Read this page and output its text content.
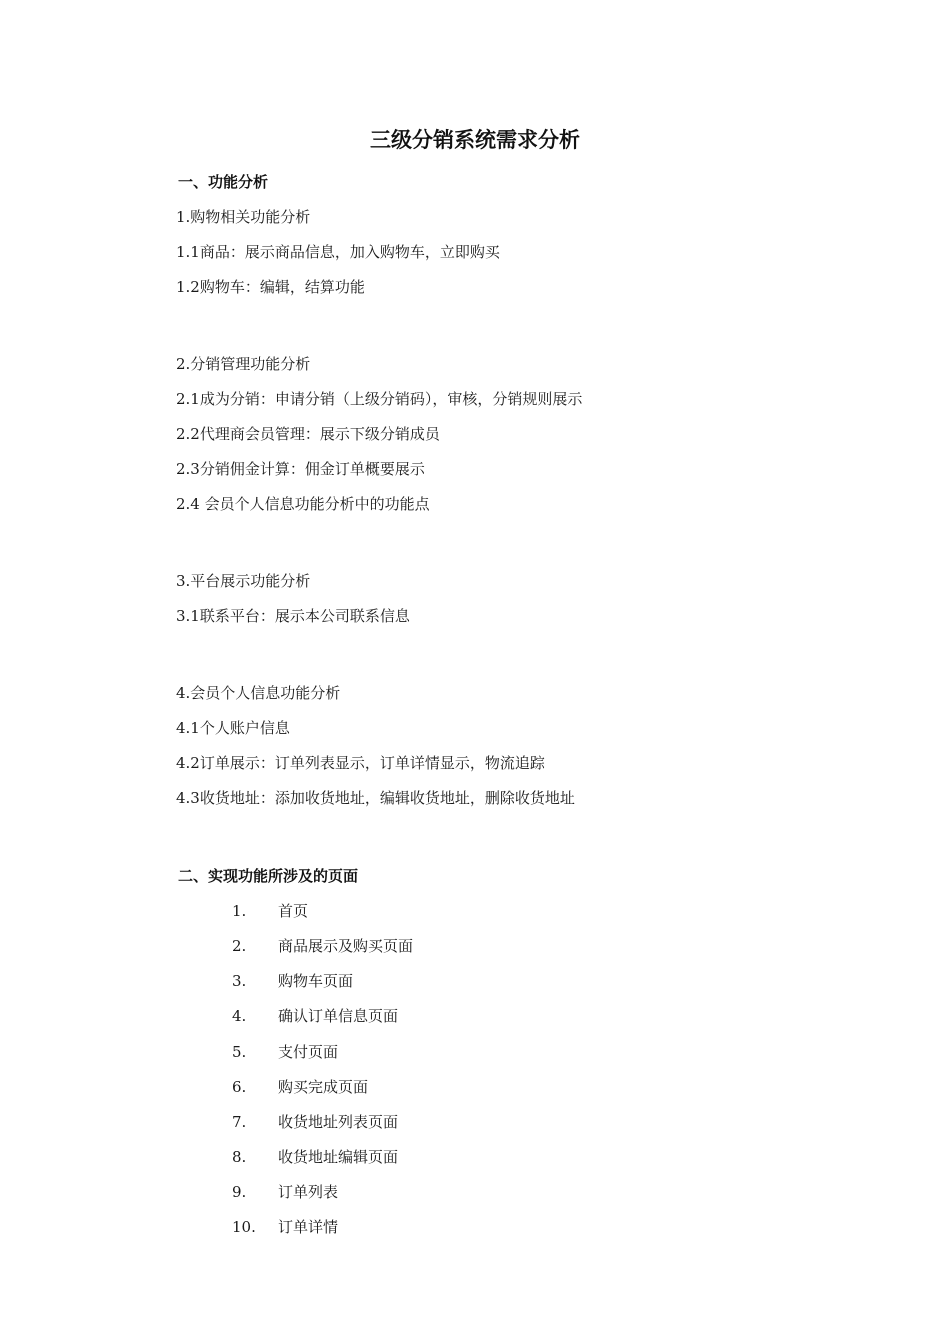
三级分销系统需求分析
一、功能分析
1.购物相关功能分析
1.1商品：展示商品信息，加入购物车，立即购买
1.2购物车：编辑，结算功能
2.分销管理功能分析
2.1成为分销：申请分销（上级分销码），审核，分销规则展示
2.2代理商会员管理：展示下级分销成员
2.3分销佣金计算：佣金订单概要展示
2.4 会员个人信息功能分析中的功能点
3.平台展示功能分析
3.1联系平台：展示本公司联系信息
4.会员个人信息功能分析
4.1个人账户信息
4.2订单展示：订单列表显示，订单详情显示，物流追踪
4.3收货地址：添加收货地址，编辑收货地址，删除收货地址
二、实现功能所涉及的页面
1. 首页
2. 商品展示及购买页面
3. 购物车页面
4. 确认订单信息页面
5. 支付页面
6. 购买完成页面
7. 收货地址列表页面
8. 收货地址编辑页面
9. 订单列表
10. 订单详情
